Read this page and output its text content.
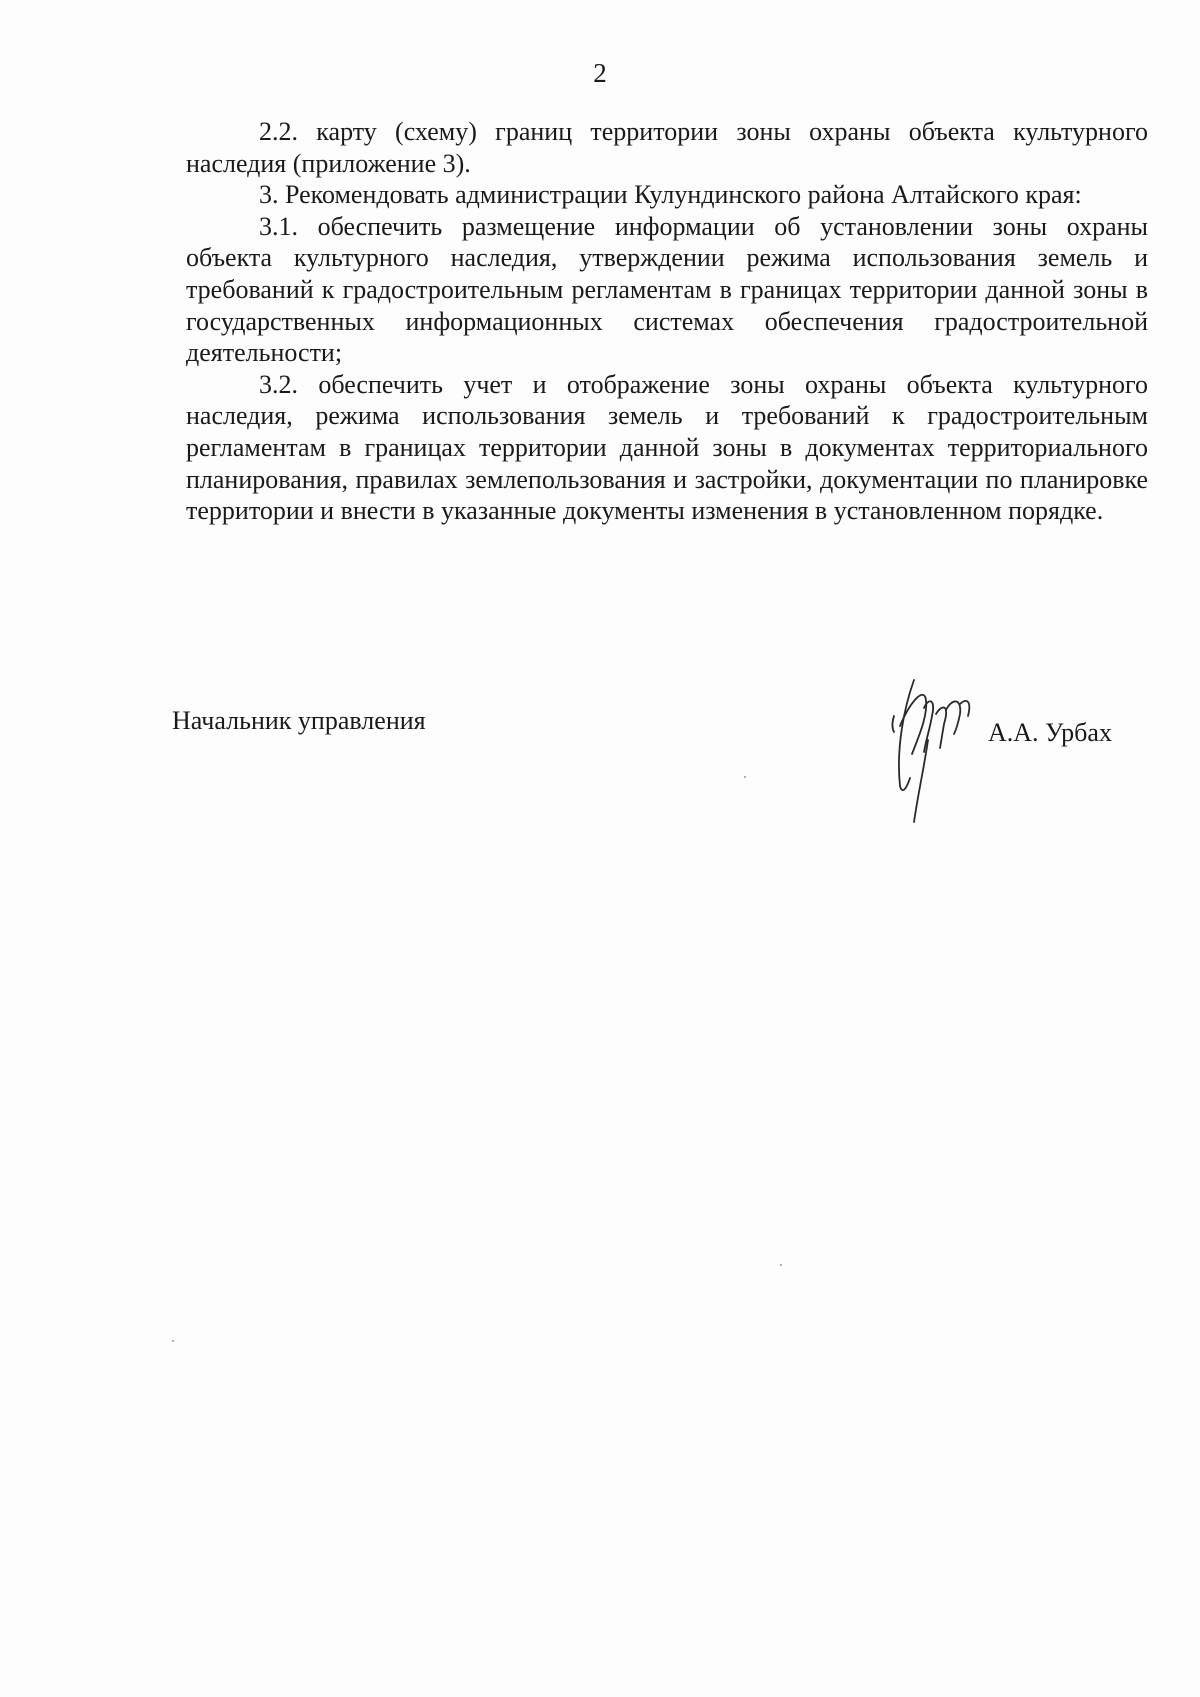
2

2.2. карту (схему) границ территории зоны охраны объекта культурного наследия (приложение 3).

3. Рекомендовать администрации Кулундинского района Алтайского края:

3.1. обеспечить размещение информации об установлении зоны охраны объекта культурного наследия, утверждении режима использования земель и требований к градостроительным регламентам в границах территории данной зоны в государственных информационных системах обеспечения градостроительной деятельности;

3.2. обеспечить учет и отображение зоны охраны объекта культурного наследия, режима использования земель и требований к градостроительным регламентам в границах территории данной зоны в документах территориального планирования, правилах землепользования и застройки, документации по планировке территории и внести в указанные документы изменения в установленном порядке.

Начальник управления	А.А. Урбах
